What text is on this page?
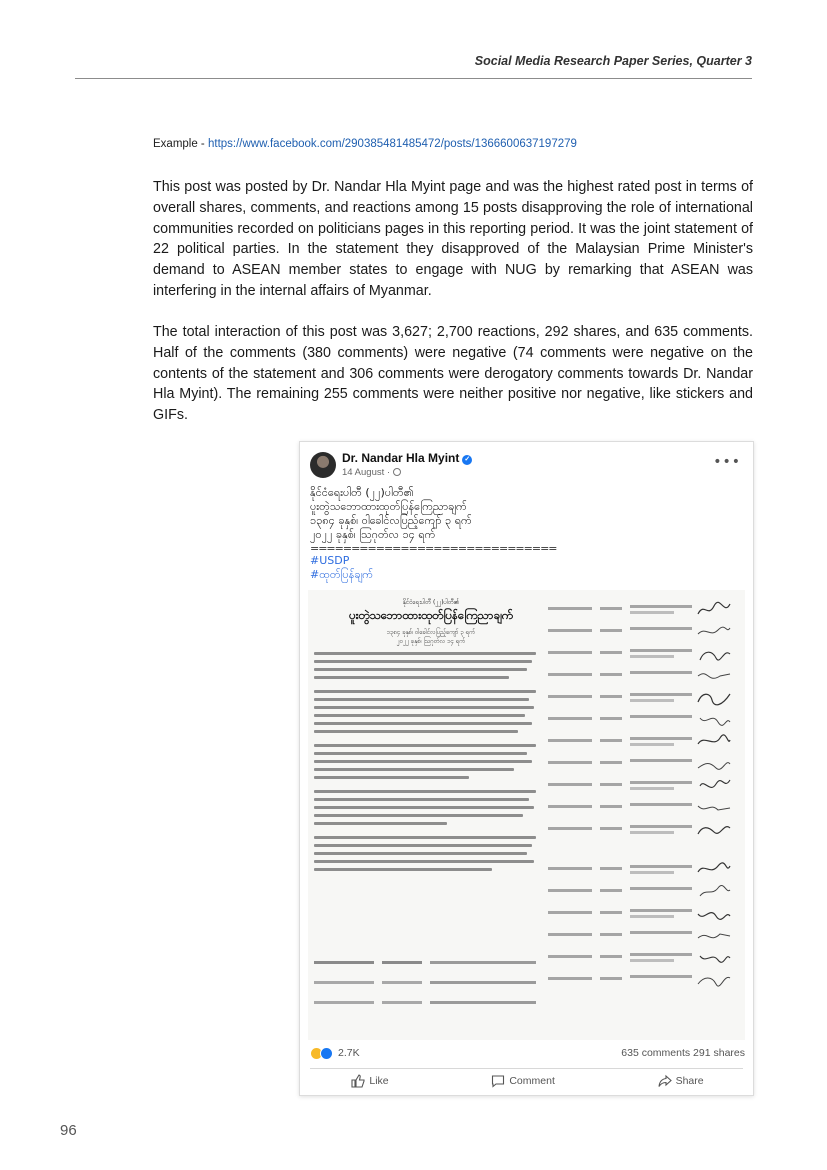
Social Media Research Paper Series, Quarter 3
Example - https://www.facebook.com/290385481485472/posts/1366600637197279

This post was posted by Dr. Nandar Hla Myint page and was the highest rated post in terms of overall shares, comments, and reactions among 15 posts disapproving the role of international communities recorded on politicians pages in this reporting period. It was the joint statement of 22 political parties. In the statement they disapproved of the Malaysian Prime Minister's demand to ASEAN member states to engage with NUG by remarking that ASEAN was interfering in the internal affairs of Myanmar.

The total interaction of this post was 3,627; 2,700 reactions, 292 shares, and 635 comments. Half of the comments (380 comments) were negative (74 comments were negative on the contents of the statement and 306 comments were derogatory comments towards Dr. Nandar Hla Myint). The remaining 255 comments were neither positive nor negative, like stickers and GIFs.

Dr. Nandar Hla Myint ✓
14 August ·
•••
နိုင်ငံရေးပါတီ (၂၂)ပါတီ၏
ပူးတွဲသဘောထားထုတ်ပြန်ကြေညာချက်
၁၃၈၄ ခုနှစ်၊ ဝါခေါင်လပြည့်ကျော် ၃ ရက်
၂၀၂၂ ခုနှစ်၊ ဩဂုတ်လ ၁၄ ရက်
==============================
#USDP
#ထုတ်ပြန်ချက်
နိုင်ငံရေးပါတီ (၂၂)ပါတီ၏
ပူးတွဲသဘောထားထုတ်ပြန်ကြေညာချက်
၁၃၈၄ ခုနှစ်၊ ဝါခေါင်လပြည့်ကျော် ၃ ရက်
၂၀၂၂ ခုနှစ်၊ ဩဂုတ်လ ၁၄ ရက်
2.7K	635 comments 291 shares
Like	Comment	Share
96
